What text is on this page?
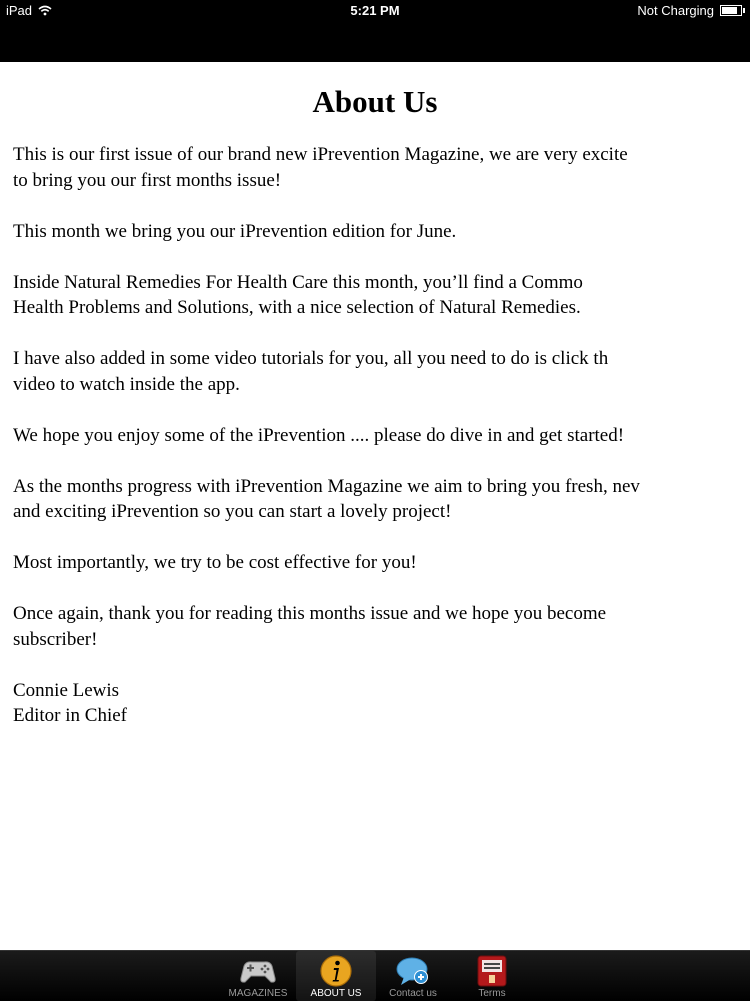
iPad	5:21 PM	Not Charging
About Us

This is our first issue of our brand new iPrevention Magazine, we are very excite
to bring you our first months issue!

This month we bring you our iPrevention edition for June.

Inside Natural Remedies For Health Care this month, you’ll find a Commo
Health Problems and Solutions, with a nice selection of Natural Remedies.

I have also added in some video tutorials for you, all you need to do is click th
video to watch inside the app.

We hope you enjoy some of the iPrevention .... please do dive in and get started!

As the months progress with iPrevention Magazine we aim to bring you fresh, nev
and exciting iPrevention so you can start a lovely project!

Most importantly, we try to be cost effective for you!

Once again, thank you for reading this months issue and we hope you become
subscriber!

Connie Lewis
Editor in Chief

MAGAZINES	ABOUT US	Contact us	Terms
